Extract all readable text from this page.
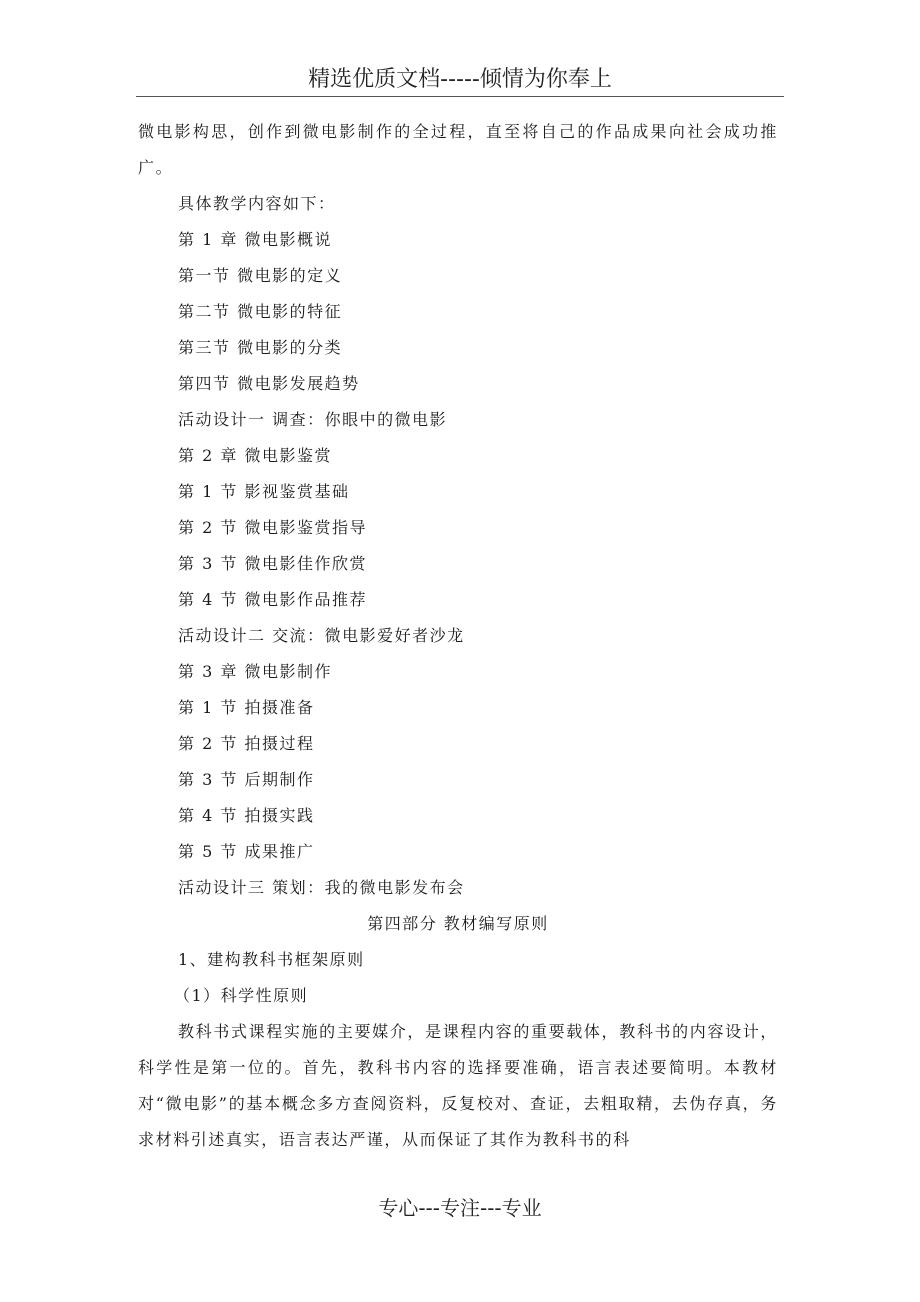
精选优质文档-----倾情为你奉上

微电影构思，创作到微电影制作的全过程，直至将自己的作品成果向社会成功推广。

具体教学内容如下：

第 1 章 微电影概说

第一节 微电影的定义

第二节 微电影的特征

第三节 微电影的分类

第四节 微电影发展趋势

活动设计一 调查：你眼中的微电影

第 2 章 微电影鉴赏

第 1 节 影视鉴赏基础

第 2 节 微电影鉴赏指导

第 3 节 微电影佳作欣赏

第 4 节 微电影作品推荐

活动设计二 交流：微电影爱好者沙龙

第 3 章 微电影制作

第 1 节 拍摄准备

第 2 节 拍摄过程

第 3 节 后期制作

第 4 节 拍摄实践

第 5 节 成果推广

活动设计三 策划：我的微电影发布会

第四部分 教材编写原则

1、建构教科书框架原则

（1）科学性原则

教科书式课程实施的主要媒介，是课程内容的重要载体，教科书的内容设计，科学性是第一位的。首先，教科书内容的选择要准确，语言表述要简明。本教材对“微电影”的基本概念多方查阅资料，反复校对、查证，去粗取精，去伪存真，务求材料引述真实，语言表达严谨，从而保证了其作为教科书的科

专心---专注---专业
